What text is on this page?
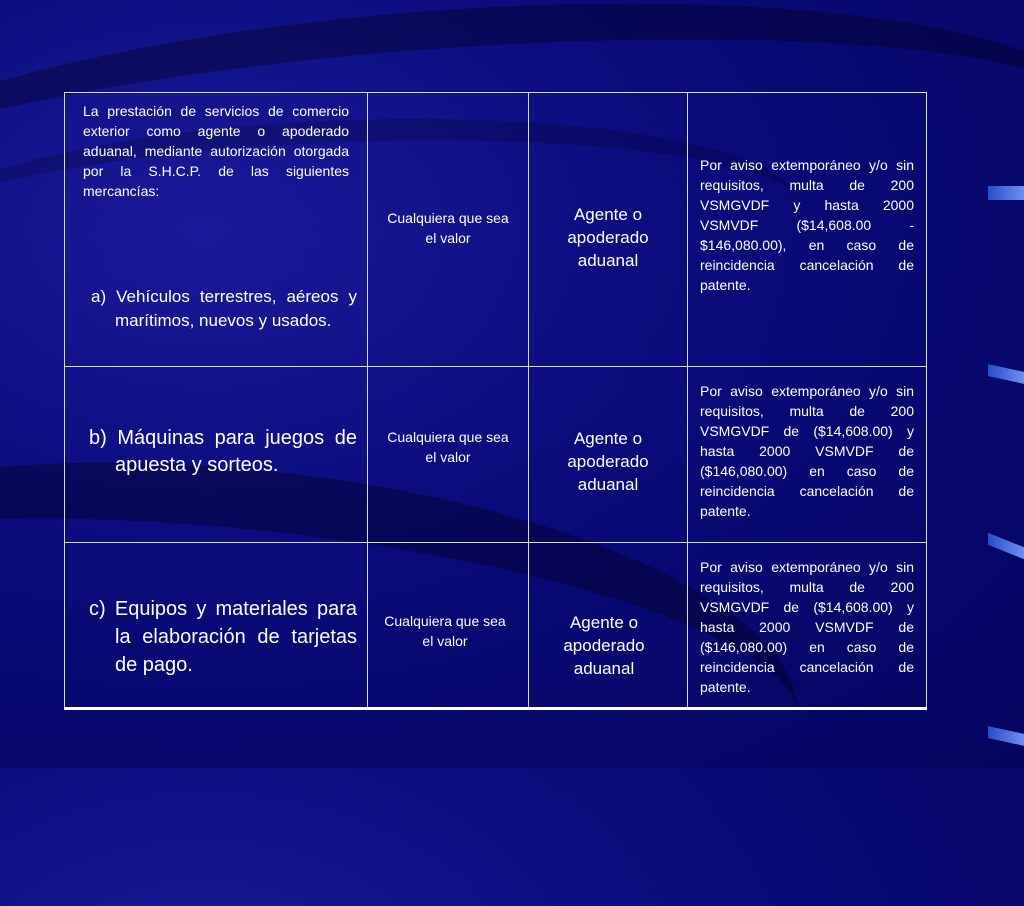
La prestación de servicios de comercio exterior como agente o apoderado aduanal, mediante autorización otorgada por la S.H.C.P. de las siguientes mercancías:
a) Vehículos terrestres, aéreos y marítimos, nuevos y usados.	Cualquiera que sea el valor	Agente o apoderado aduanal	Por aviso extemporáneo y/o sin requisitos, multa de 200 VSMGVDF y hasta 2000 VSMVDF ($14,608.00 - $146,080.00), en caso de reincidencia cancelación de patente.

b) Máquinas para juegos de apuesta y sorteos.	Cualquiera que sea el valor	Agente o apoderado aduanal	Por aviso extemporáneo y/o sin requisitos, multa de 200 VSMGVDF de ($14,608.00) y hasta 2000 VSMVDF de ($146,080.00) en caso de reincidencia cancelación de patente.

c) Equipos y materiales para la elaboración de tarjetas de pago.	Cualquiera que sea el valor	Agente o apoderado aduanal	Por aviso extemporáneo y/o sin requisitos, multa de 200 VSMGVDF de ($14,608.00) y hasta 2000 VSMVDF de ($146,080.00) en caso de reincidencia cancelación de patente.
